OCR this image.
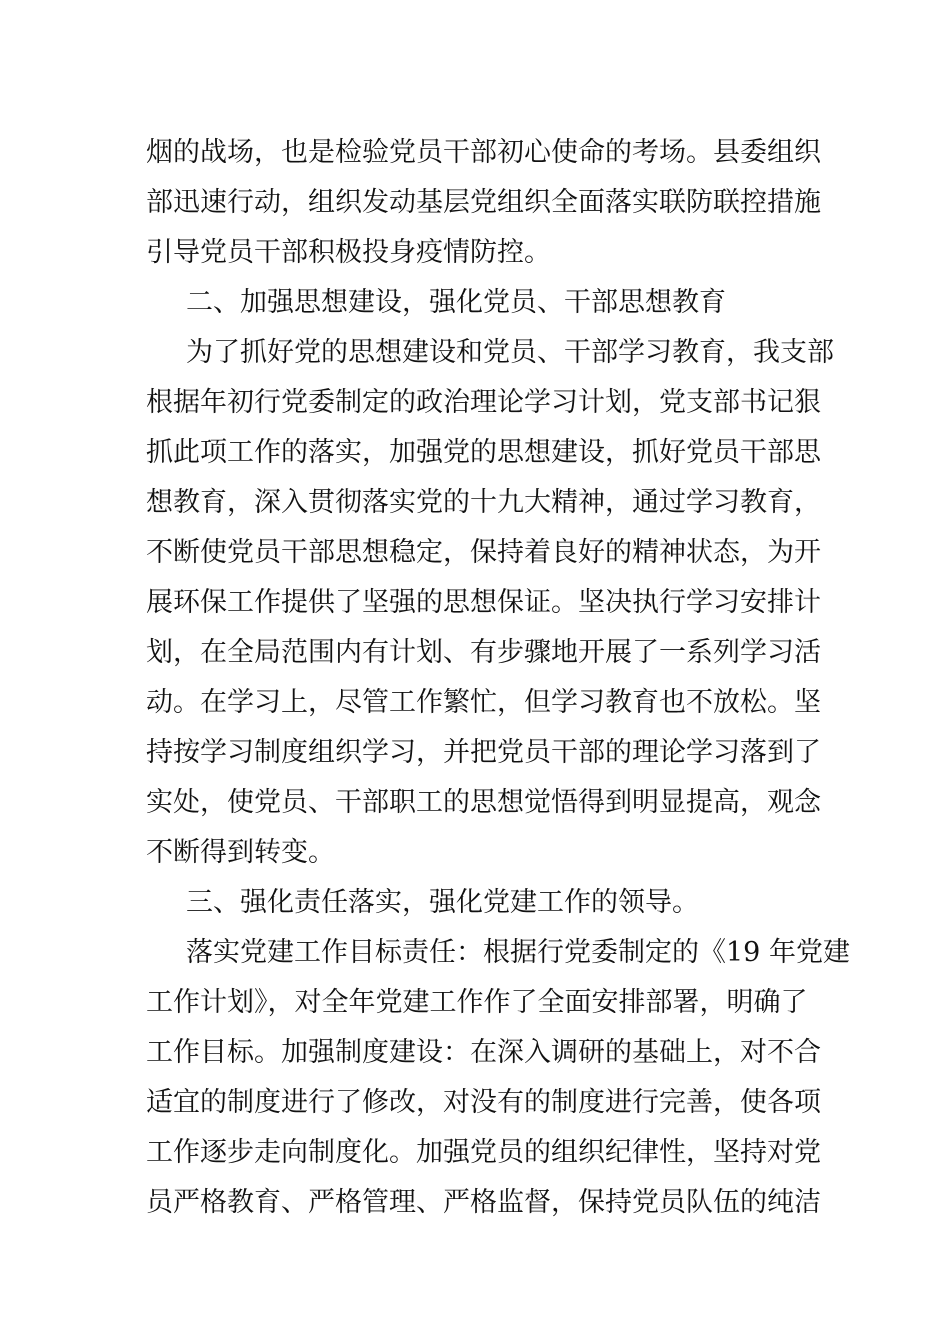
烟的战场，也是检验党员干部初心使命的考场。县委组织
部迅速行动，组织发动基层党组织全面落实联防联控措施
引导党员干部积极投身疫情防控。
二、加强思想建设，强化党员、干部思想教育
为了抓好党的思想建设和党员、干部学习教育，我支部
根据年初行党委制定的政治理论学习计划，党支部书记狠
抓此项工作的落实，加强党的思想建设，抓好党员干部思
想教育，深入贯彻落实党的十九大精神，通过学习教育，
不断使党员干部思想稳定，保持着良好的精神状态，为开
展环保工作提供了坚强的思想保证。坚决执行学习安排计
划，在全局范围内有计划、有步骤地开展了一系列学习活
动。在学习上，尽管工作繁忙，但学习教育也不放松。坚
持按学习制度组织学习，并把党员干部的理论学习落到了
实处，使党员、干部职工的思想觉悟得到明显提高，观念
不断得到转变。
三、强化责任落实，强化党建工作的领导。
落实党建工作目标责任：根据行党委制定的《19 年党建
工作计划》，对全年党建工作作了全面安排部署，明确了
工作目标。加强制度建设：在深入调研的基础上，对不合
适宜的制度进行了修改，对没有的制度进行完善，使各项
工作逐步走向制度化。加强党员的组织纪律性，坚持对党
员严格教育、严格管理、严格监督，保持党员队伍的纯洁
